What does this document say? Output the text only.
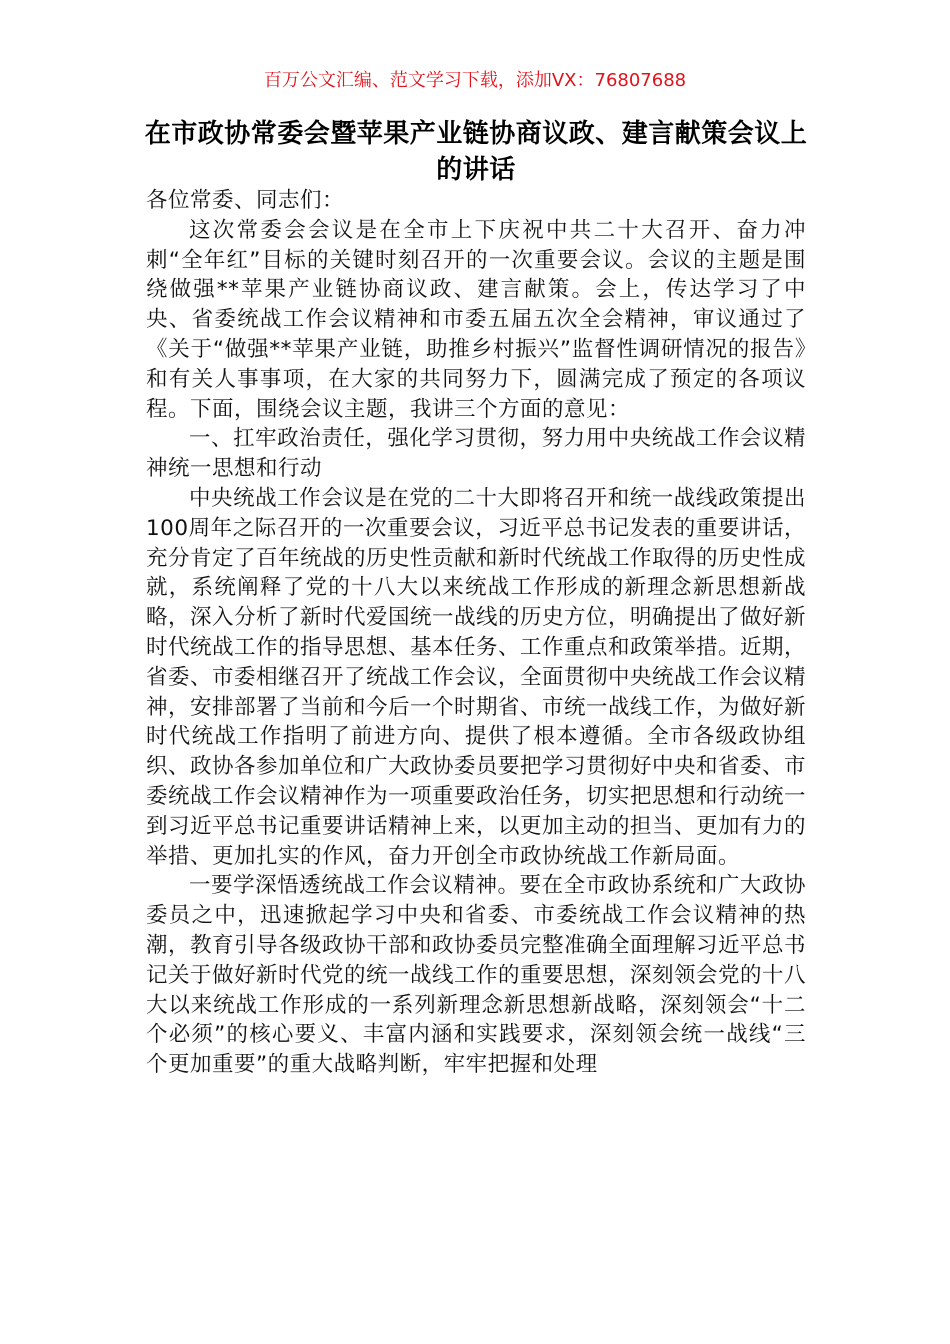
百万公文汇编、范文学习下载，添加VX：76807688
在市政协常委会暨苹果产业链协商议政、建言献策会议上的讲话

各位常委、同志们：

这次常委会会议是在全市上下庆祝中共二十大召开、奋力冲刺“全年红”目标的关键时刻召开的一次重要会议。会议的主题是围绕做强**苹果产业链协商议政、建言献策。会上，传达学习了中央、省委统战工作会议精神和市委五届五次全会精神，审议通过了《关于“做强**苹果产业链，助推乡村振兴”监督性调研情况的报告》和有关人事事项，在大家的共同努力下，圆满完成了预定的各项议程。下面，围绕会议主题，我讲三个方面的意见：

一、扛牢政治责任，强化学习贯彻，努力用中央统战工作会议精神统一思想和行动

中央统战工作会议是在党的二十大即将召开和统一战线政策提出100周年之际召开的一次重要会议，习近平总书记发表的重要讲话，充分肯定了百年统战的历史性贡献和新时代统战工作取得的历史性成就，系统阐释了党的十八大以来统战工作形成的新理念新思想新战略，深入分析了新时代爱国统一战线的历史方位，明确提出了做好新时代统战工作的指导思想、基本任务、工作重点和政策举措。近期，省委、市委相继召开了统战工作会议，全面贯彻中央统战工作会议精神，安排部署了当前和今后一个时期省、市统一战线工作，为做好新时代统战工作指明了前进方向、提供了根本遵循。全市各级政协组织、政协各参加单位和广大政协委员要把学习贯彻好中央和省委、市委统战工作会议精神作为一项重要政治任务，切实把思想和行动统一到习近平总书记重要讲话精神上来，以更加主动的担当、更加有力的举措、更加扎实的作风，奋力开创全市政协统战工作新局面。

一要学深悟透统战工作会议精神。要在全市政协系统和广大政协委员之中，迅速掀起学习中央和省委、市委统战工作会议精神的热潮，教育引导各级政协干部和政协委员完整准确全面理解习近平总书记关于做好新时代党的统一战线工作的重要思想，深刻领会党的十八大以来统战工作形成的一系列新理念新思想新战略，深刻领会“十二个必须”的核心要义、丰富内涵和实践要求，深刻领会统一战线“三个更加重要”的重大战略判断，牢牢把握和处理
